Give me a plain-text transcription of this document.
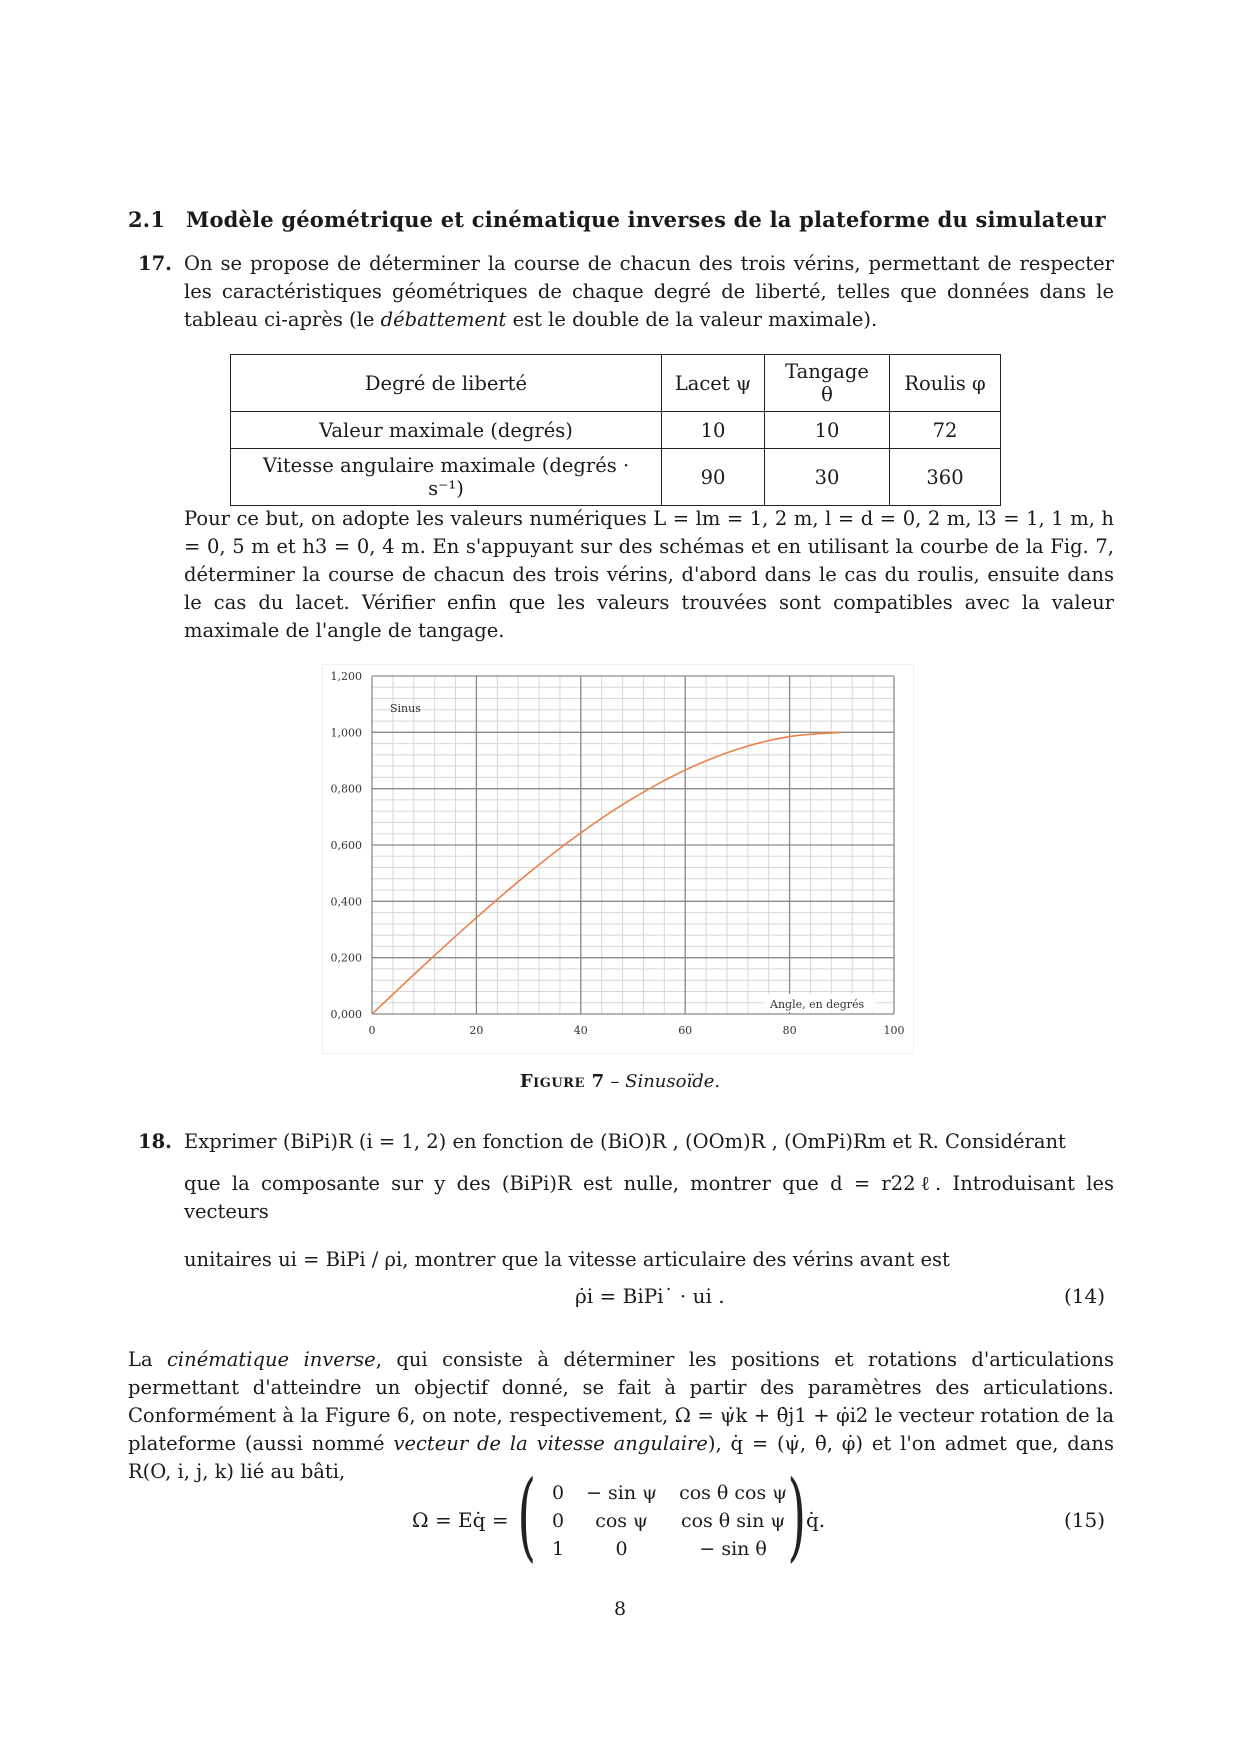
2.1 Modèle géométrique et cinématique inverses de la plateforme du simulateur
17. On se propose de déterminer la course de chacun des trois vérins, permettant de respecter les caractéristiques géométriques de chaque degré de liberté, telles que données dans le tableau ci-après (le débattement est le double de la valeur maximale).
Degré de liberté	Lacet ψ	Tangage θ	Roulis φ
Valeur maximale (degrés)	10	10	72
Vitesse angulaire maximale (degrés · s⁻¹)	90	30	360
Pour ce but, on adopte les valeurs numériques L = lm = 1, 2 m, l = d = 0, 2 m, l3 = 1, 1 m, h = 0, 5 m et h3 = 0, 4 m. En s'appuyant sur des schémas et en utilisant la courbe de la Fig. 7, déterminer la course de chacun des trois vérins, d'abord dans le cas du roulis, ensuite dans le cas du lacet. Vérifier enfin que les valeurs trouvées sont compatibles avec la valeur maximale de l'angle de tangage.
0	20	40	60	80	100
0,000
0,200
0,400
0,600
0,800
1,000
1,200
Sinus
Angle, en degrés
Figure 7 – Sinusoïde.
18. Exprimer (BiPi)R (i = 1, 2) en fonction de (BiO)R , (OOm)R , (OmPi)Rm et R. Considérant
que la composante sur y des (BiPi)R est nulle, montrer que d = r22ℓ. Introduisant les vecteurs
unitaires ui = BiPi / ρi, montrer que la vitesse articulaire des vérins avant est
ρ̇i = BiPi˙ · ui .	(14)
La cinématique inverse, qui consiste à déterminer les positions et rotations d'articulations permettant d'atteindre un objectif donné, se fait à partir des paramètres des articulations. Conformément à la Figure 6, on note, respectivement, Ω = ψ̇k + θ̇j1 + φ̇i2 le vecteur rotation de la plateforme (aussi nommé vecteur de la vitesse angulaire), q̇ = (ψ̇, θ̇, φ̇) et l'on admet que, dans R(O, i, j, k) lié au bâti,
Ω = Eq̇ = ( 0	− sin ψ	cos θ cos ψ
0	cos ψ	cos θ sin ψ
1	0	− sin θ ) q̇.	(15)
8
